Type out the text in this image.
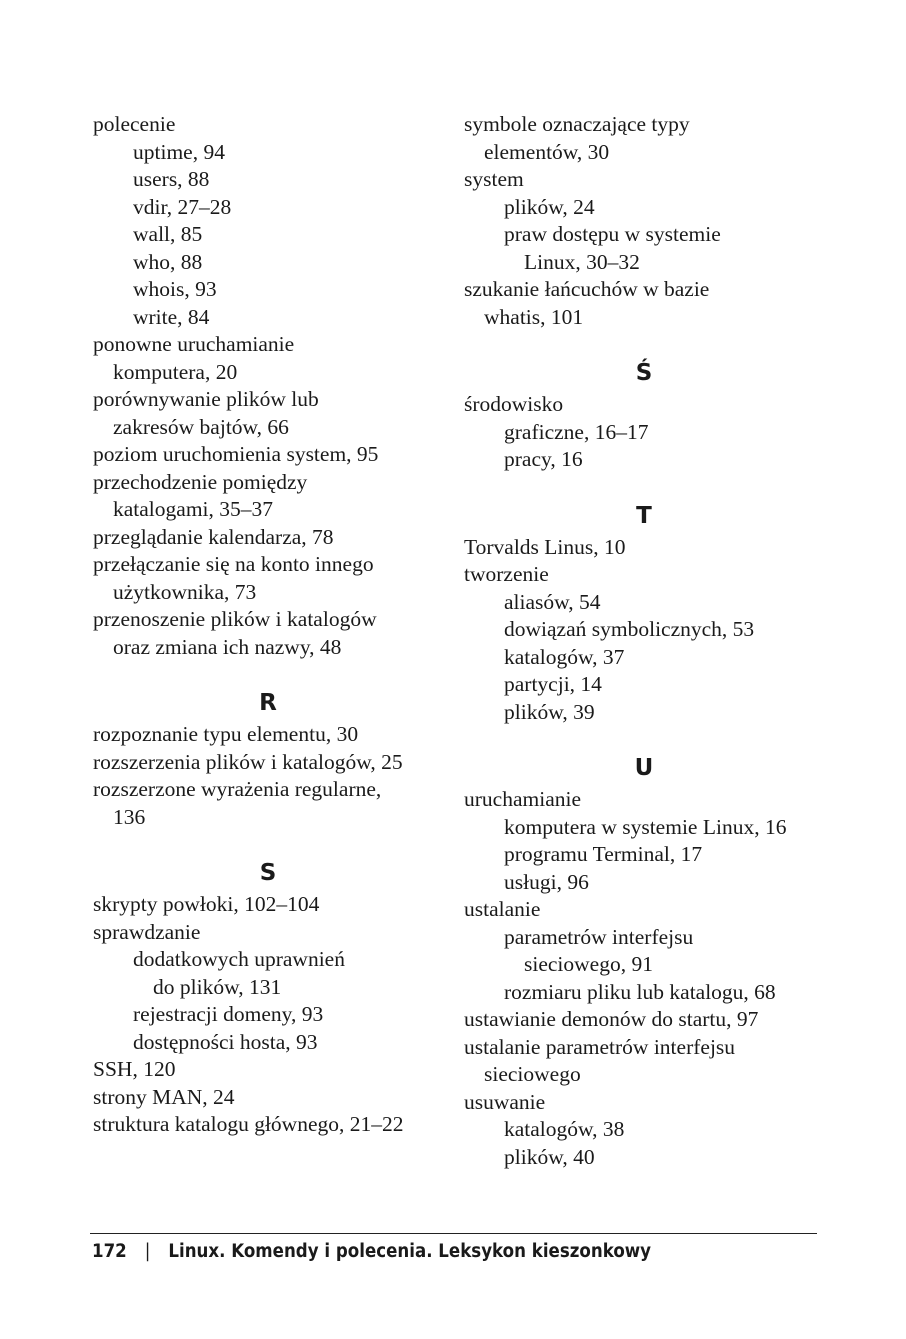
polecenie
uptime, 94
users, 88
vdir, 27–28
wall, 85
who, 88
whois, 93
write, 84
ponowne uruchamianie
komputera, 20
porównywanie plików lub
zakresów bajtów, 66
poziom uruchomienia system, 95
przechodzenie pomiędzy
katalogami, 35–37
przeglądanie kalendarza, 78
przełączanie się na konto innego
użytkownika, 73
przenoszenie plików i katalogów
oraz zmiana ich nazwy, 48
R
rozpoznanie typu elementu, 30
rozszerzenia plików i katalogów, 25
rozszerzone wyrażenia regularne,
136
S
skrypty powłoki, 102–104
sprawdzanie
dodatkowych uprawnień
do plików, 131
rejestracji domeny, 93
dostępności hosta, 93
SSH, 120
strony MAN, 24
struktura katalogu głównego, 21–22
symbole oznaczające typy
elementów, 30
system
plików, 24
praw dostępu w systemie
Linux, 30–32
szukanie łańcuchów w bazie
whatis, 101
Ś
środowisko
graficzne, 16–17
pracy, 16
T
Torvalds Linus, 10
tworzenie
aliasów, 54
dowiązań symbolicznych, 53
katalogów, 37
partycji, 14
plików, 39
U
uruchamianie
komputera w systemie Linux, 16
programu Terminal, 17
usługi, 96
ustalanie
parametrów interfejsu
sieciowego, 91
rozmiaru pliku lub katalogu, 68
ustawianie demonów do startu, 97
ustalanie parametrów interfejsu
sieciowego
usuwanie
katalogów, 38
plików, 40
172 | Linux. Komendy i polecenia. Leksykon kieszonkowy
